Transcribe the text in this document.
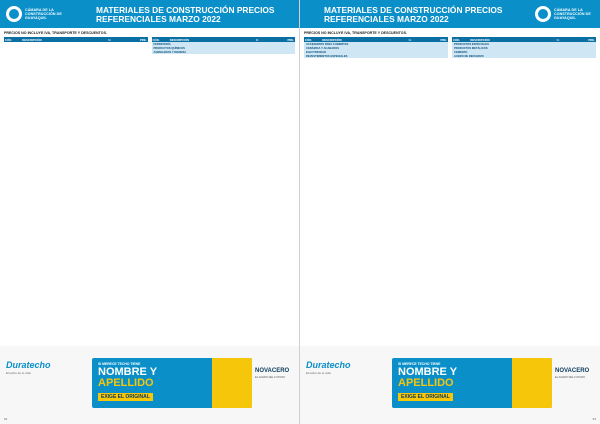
CÁMARA DE LA CONSTRUCCIÓN DE GUAYAQUIL
MATERIALES DE CONSTRUCCIÓN PRECIOS
REFERENCIALES MARZO 2022
PRECIOS NO INCLUYE IVA, TRANSPORTE Y DESCUENTOS.
CÓD.	DESCRIPCIÓN	U.	PRE.	CÓD.	DESCRIPCIÓN	U.	PRE.
FERRETERÍA
PRODUCTOS QUÍMICOS
AGREGADOS Y MADERA
Duratecho
El techo de tu vida
SI MERECE TECHO TIENE
NOMBRE Y
APELLIDO
EXIGE EL ORIGINAL
NOVACERO
EL ACERO DEL FUTURO
62
MATERIALES DE CONSTRUCCIÓN PRECIOS
REFERENCIALES MARZO 2022
CÁMARA DE LA CONSTRUCCIÓN DE GUAYAQUIL
PRECIOS NO INCLUYE IVA, TRANSPORTE Y DESCUENTOS.
CÓD.	DESCRIPCIÓN	U.	PRE.
ACCESORIOS PARA CUBIERTAS
CERÁMICA Y ACABADOS
ELECTRICIDAD
REVESTIMIENTOS ESPECIALES
CÓD.	DESCRIPCIÓN	U.	PRE.
PRODUCTOS ESPECIALES
PRODUCTOS METÁLICOS
CEMENTO
ACERO DE REFUERZO
Duratecho
El techo de tu vida
SI MERECE TECHO TIENE
NOMBRE Y
APELLIDO
EXIGE EL ORIGINAL
NOVACERO
EL ACERO DEL FUTURO
63
